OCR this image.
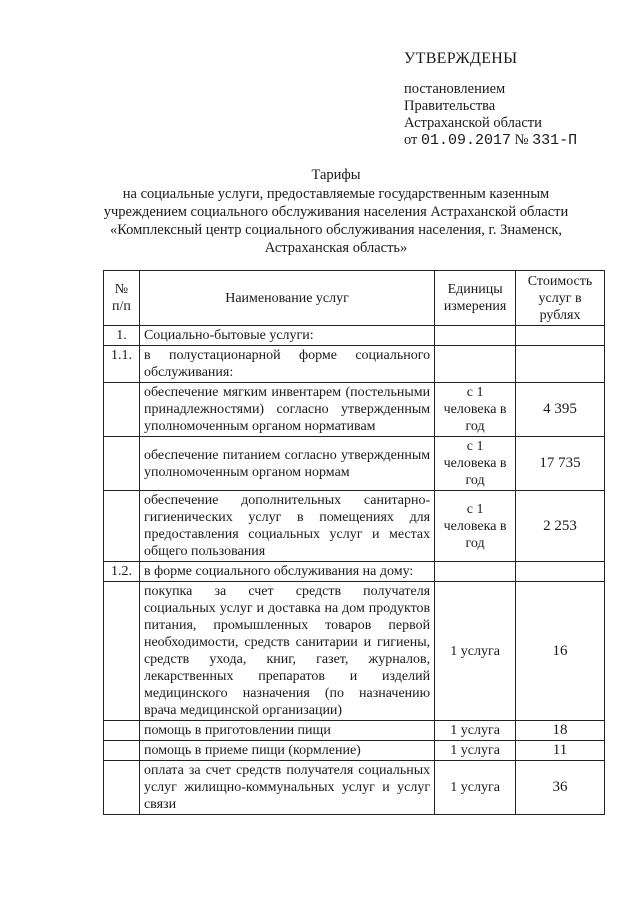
УТВЕРЖДЕНЫ
постановлением
Правительства
Астраханской области
от 01.09.2017 № 331-П
Тарифы
на социальные услуги, предоставляемые государственным казенным
учреждением социального обслуживания населения Астраханской области
«Комплексный центр социального обслуживания населения, г. Знаменск,
Астраханская область»
№ п/п	Наименование услуг	Единицы измерения	Стоимость услуг в рублях
1.	Социально-бытовые услуги:		
1.1.	в полустационарной форме социального обслуживания:		
	обеспечение мягким инвентарем (постельными принадлежностями) согласно утвержденным уполномоченным органом нормативам	с 1 человека в год	4 395
	обеспечение питанием согласно утвержденным уполномоченным органом нормам	с 1 человека в год	17 735
	обеспечение дополнительных санитарно-гигиенических услуг в помещениях для предоставления социальных услуг и местах общего пользования	с 1 человека в год	2 253
1.2.	в форме социального обслуживания на дому:		
	покупка за счет средств получателя социальных услуг и доставка на дом продуктов питания, промышленных товаров первой необходимости, средств санитарии и гигиены, средств ухода, книг, газет, журналов, лекарственных препаратов и изделий медицинского назначения (по назначению врача медицинской организации)	1 услуга	16
	помощь в приготовлении пищи	1 услуга	18
	помощь в приеме пищи (кормление)	1 услуга	11
	оплата за счет средств получателя социальных услуг жилищно-коммунальных услуг и услуг связи	1 услуга	36
